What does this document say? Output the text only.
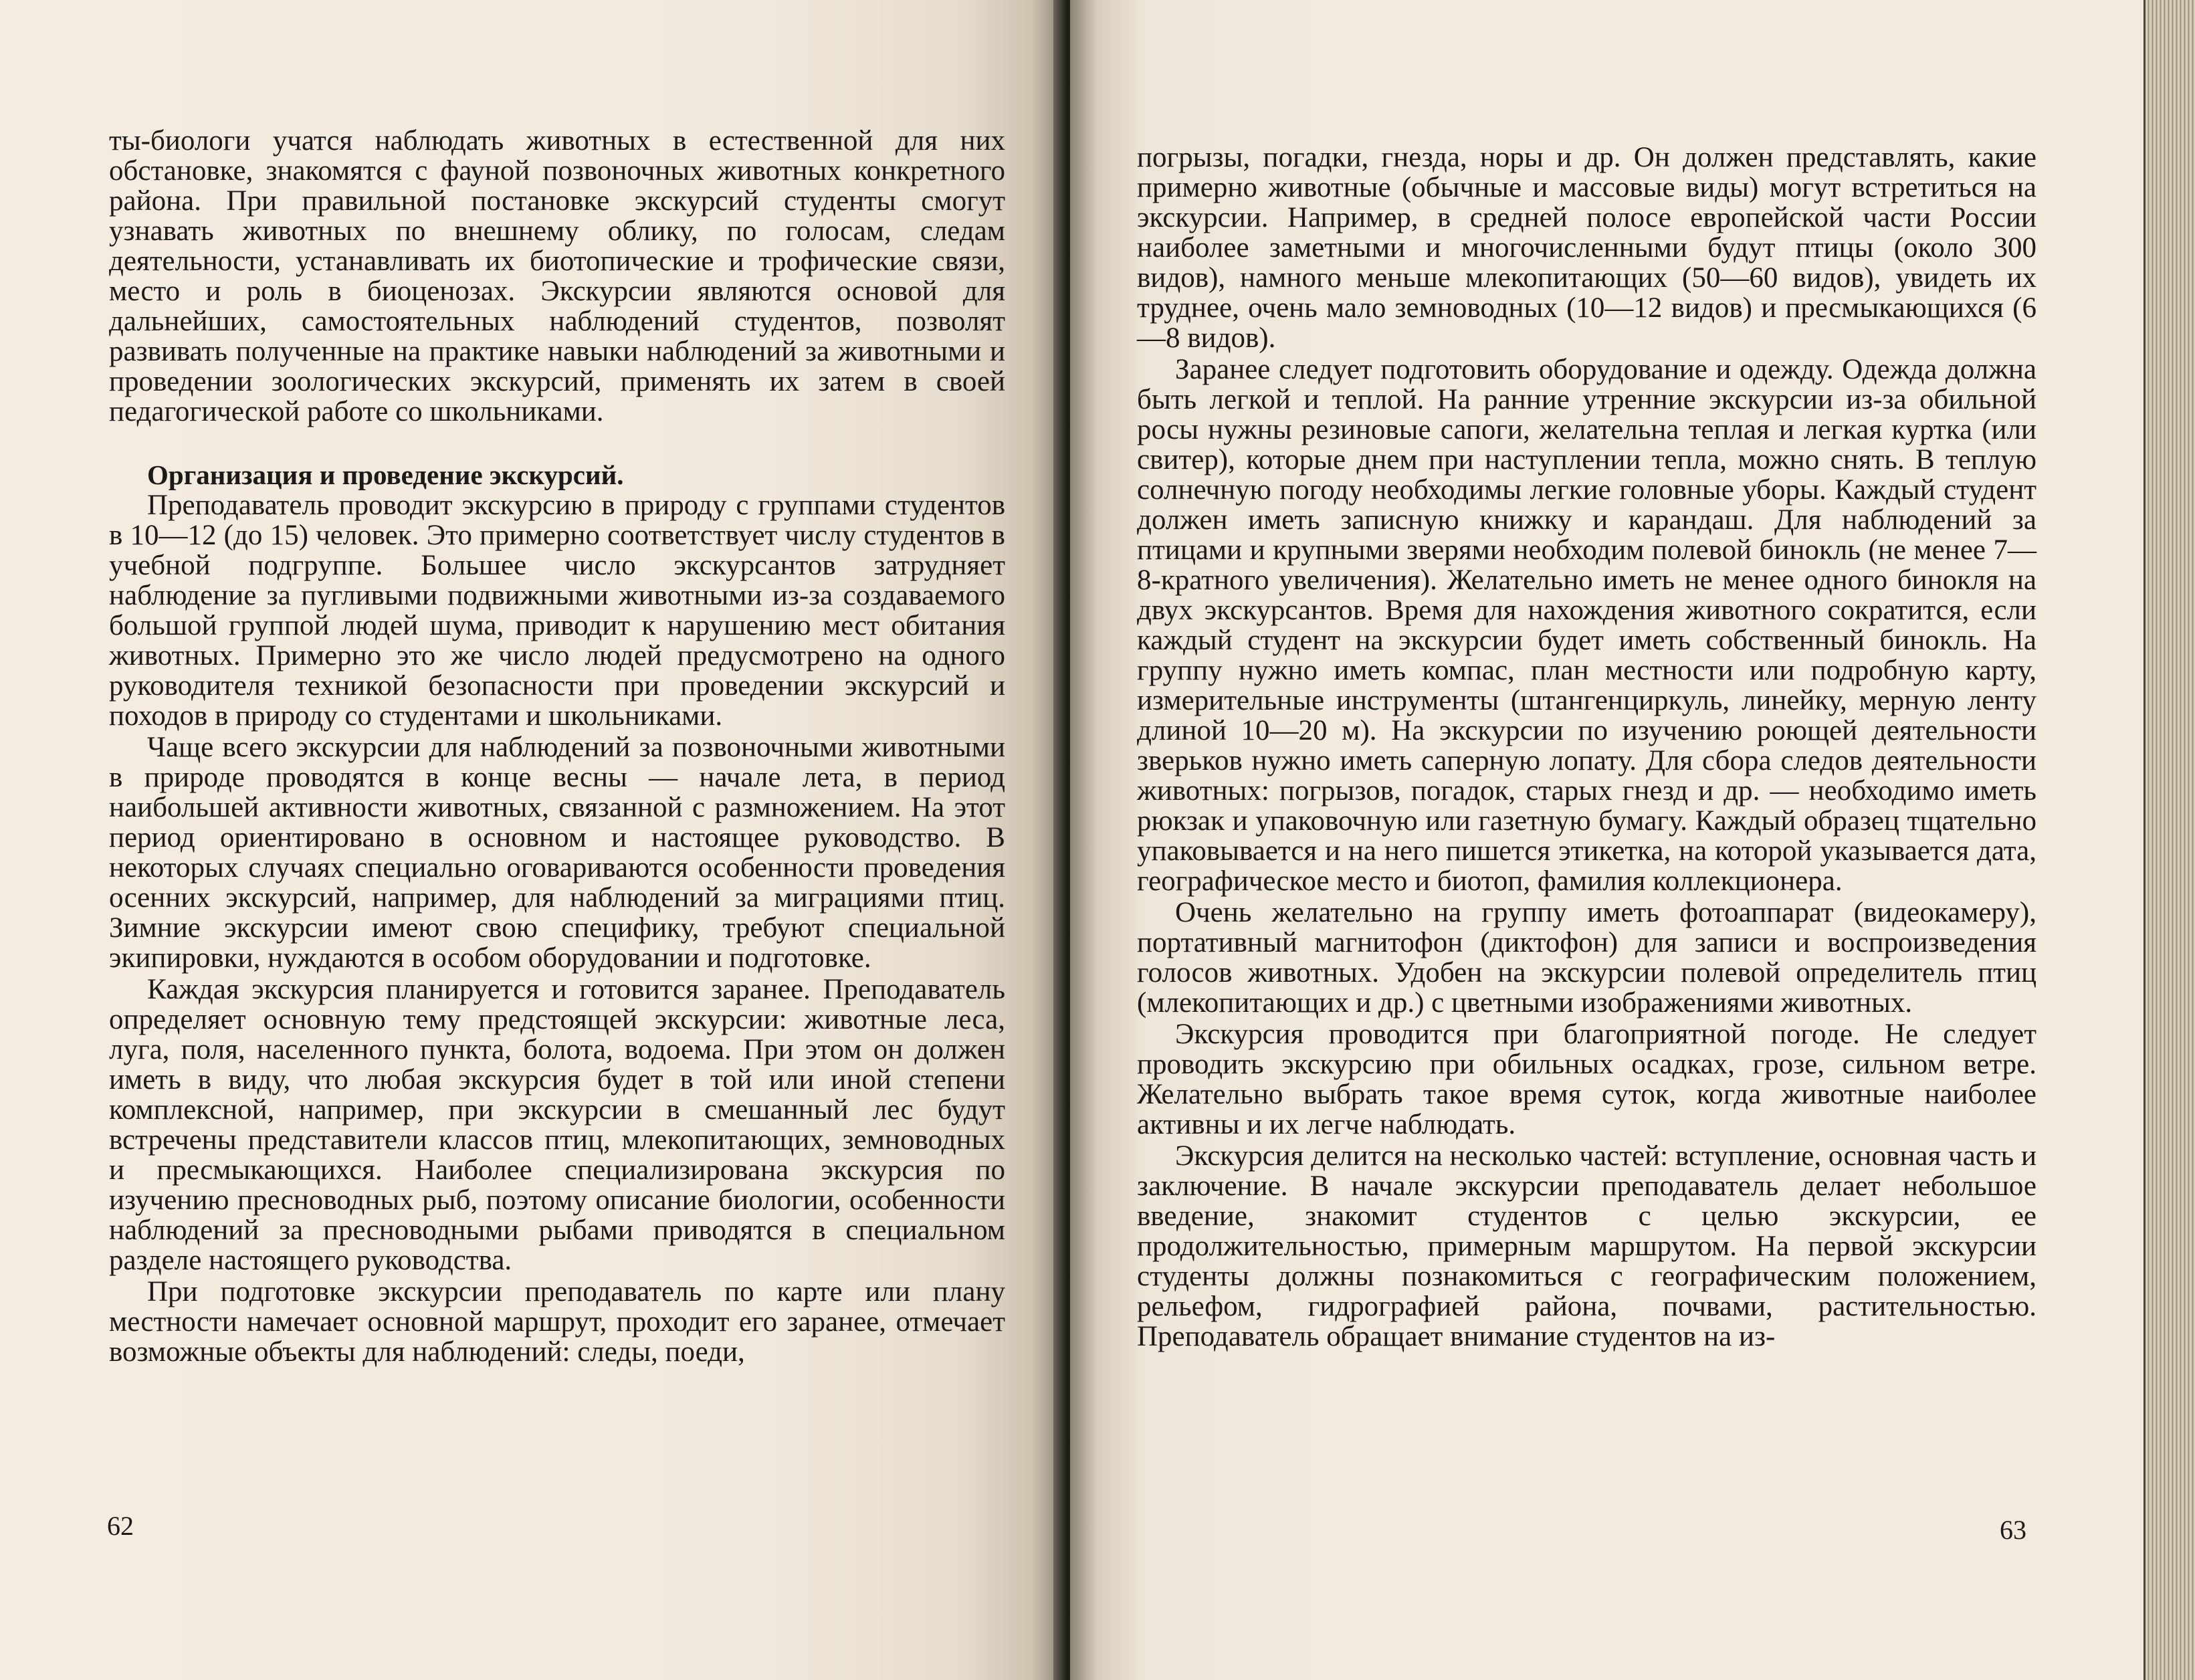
ты-биологи учатся наблюдать животных в естественной для них обстановке, знакомятся с фауной позвоночных животных конкретного района. При правильной постановке экскурсий студенты смогут узнавать животных по внешнему облику, по голосам, следам деятельности, устанавливать их биотопические и трофические связи, место и роль в биоценозах. Экскурсии являются основой для дальнейших, самостоятельных наблюдений студентов, позволят развивать полученные на практике навыки наблюдений за животными и проведении зоологических экскурсий, применять их затем в своей педагогической работе со школьниками.

Организация и проведение экскурсий.

Преподаватель проводит экскурсию в природу с группами студентов в 10—12 (до 15) человек. Это примерно соответствует числу студентов в учебной подгруппе. Большее число экскурсантов затрудняет наблюдение за пугливыми подвижными животными из-за создаваемого большой группой людей шума, приводит к нарушению мест обитания животных. Примерно это же число людей предусмотрено на одного руководителя техникой безопасности при проведении экскурсий и походов в природу со студентами и школьниками.

Чаще всего экскурсии для наблюдений за позвоночными животными в природе проводятся в конце весны — начале лета, в период наибольшей активности животных, связанной с размножением. На этот период ориентировано в основном и настоящее руководство. В некоторых случаях специально оговариваются особенности проведения осенних экскурсий, например, для наблюдений за миграциями птиц. Зимние экскурсии имеют свою специфику, требуют специальной экипировки, нуждаются в особом оборудовании и подготовке.

Каждая экскурсия планируется и готовится заранее. Преподаватель определяет основную тему предстоящей экскурсии: животные леса, луга, поля, населенного пункта, болота, водоема. При этом он должен иметь в виду, что любая экскурсия будет в той или иной степени комплексной, например, при экскурсии в смешанный лес будут встречены представители классов птиц, млекопитающих, земноводных и пресмыкающихся. Наиболее специализирована экскурсия по изучению пресноводных рыб, поэтому описание биологии, особенности наблюдений за пресноводными рыбами приводятся в специальном разделе настоящего руководства.

При подготовке экскурсии преподаватель по карте или плану местности намечает основной маршрут, проходит его заранее, отмечает возможные объекты для наблюдений: следы, поеди,

62

погрызы, погадки, гнезда, норы и др. Он должен представлять, какие примерно животные (обычные и массовые виды) могут встретиться на экскурсии. Например, в средней полосе европейской части России наиболее заметными и многочисленными будут птицы (около 300 видов), намного меньше млекопитающих (50—60 видов), увидеть их труднее, очень мало земноводных (10—12 видов) и пресмыкающихся (6—8 видов).

Заранее следует подготовить оборудование и одежду. Одежда должна быть легкой и теплой. На ранние утренние экскурсии из-за обильной росы нужны резиновые сапоги, желательна теплая и легкая куртка (или свитер), которые днем при наступлении тепла, можно снять. В теплую солнечную погоду необходимы легкие головные уборы. Каждый студент должен иметь записную книжку и карандаш. Для наблюдений за птицами и крупными зверями необходим полевой бинокль (не менее 7—8-кратного увеличения). Желательно иметь не менее одного бинокля на двух экскурсантов. Время для нахождения животного сократится, если каждый студент на экскурсии будет иметь собственный бинокль. На группу нужно иметь компас, план местности или подробную карту, измерительные инструменты (штангенциркуль, линейку, мерную ленту длиной 10—20 м). На экскурсии по изучению роющей деятельности зверьков нужно иметь саперную лопату. Для сбора следов деятельности животных: погрызов, погадок, старых гнезд и др. — необходимо иметь рюкзак и упаковочную или газетную бумагу. Каждый образец тщательно упаковывается и на него пишется этикетка, на которой указывается дата, географическое место и биотоп, фамилия коллекционера.

Очень желательно на группу иметь фотоаппарат (видеокамеру), портативный магнитофон (диктофон) для записи и воспроизведения голосов животных. Удобен на экскурсии полевой определитель птиц (млекопитающих и др.) с цветными изображениями животных.

Экскурсия проводится при благоприятной погоде. Не следует проводить экскурсию при обильных осадках, грозе, сильном ветре. Желательно выбрать такое время суток, когда животные наиболее активны и их легче наблюдать.

Экскурсия делится на несколько частей: вступление, основная часть и заключение. В начале экскурсии преподаватель делает небольшое введение, знакомит студентов с целью экскурсии, ее продолжительностью, примерным маршрутом. На первой экскурсии студенты должны познакомиться с географическим положением, рельефом, гидрографией района, почвами, растительностью. Преподаватель обращает внимание студентов на из-

63
